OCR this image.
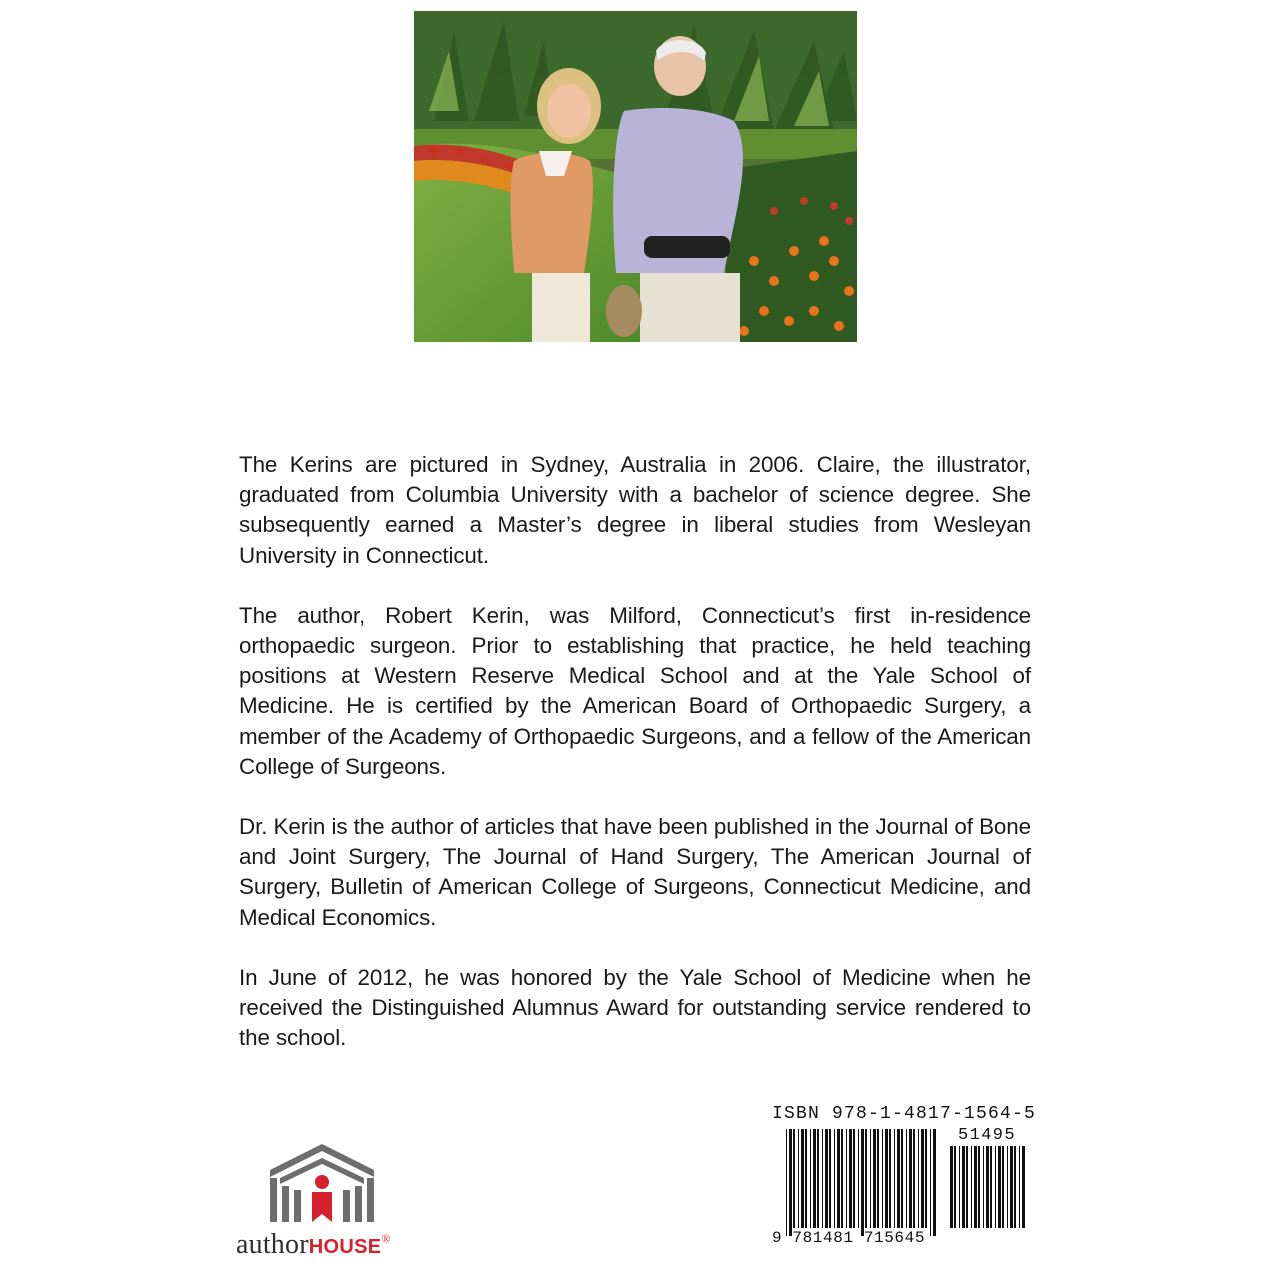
The Kerins are pictured in Sydney, Australia in 2006. Claire, the illustrator, graduated from Columbia University with a bachelor of science degree. She subsequently earned a Master’s degree in liberal studies from Wesleyan University in Connecticut.

The author, Robert Kerin, was Milford, Connecticut’s first in-residence orthopaedic surgeon. Prior to establishing that practice, he held teaching positions at Western Reserve Medical School and at the Yale School of Medicine. He is certified by the American Board of Orthopaedic Surgery, a member of the Academy of Orthopaedic Surgeons, and a fellow of the American College of Surgeons.

Dr. Kerin is the author of articles that have been published in the Journal of Bone and Joint Surgery, The Journal of Hand Surgery, The American Journal of Surgery, Bulletin of American College of Surgeons, Connecticut Medicine, and Medical Economics.

In June of 2012, he was honored by the Yale School of Medicine when he received the Distinguished Alumnus Award for outstanding service rendered to the school.

authorHOUSE®
ISBN 978-1-4817-1564-5
51495
9 781481 715645
